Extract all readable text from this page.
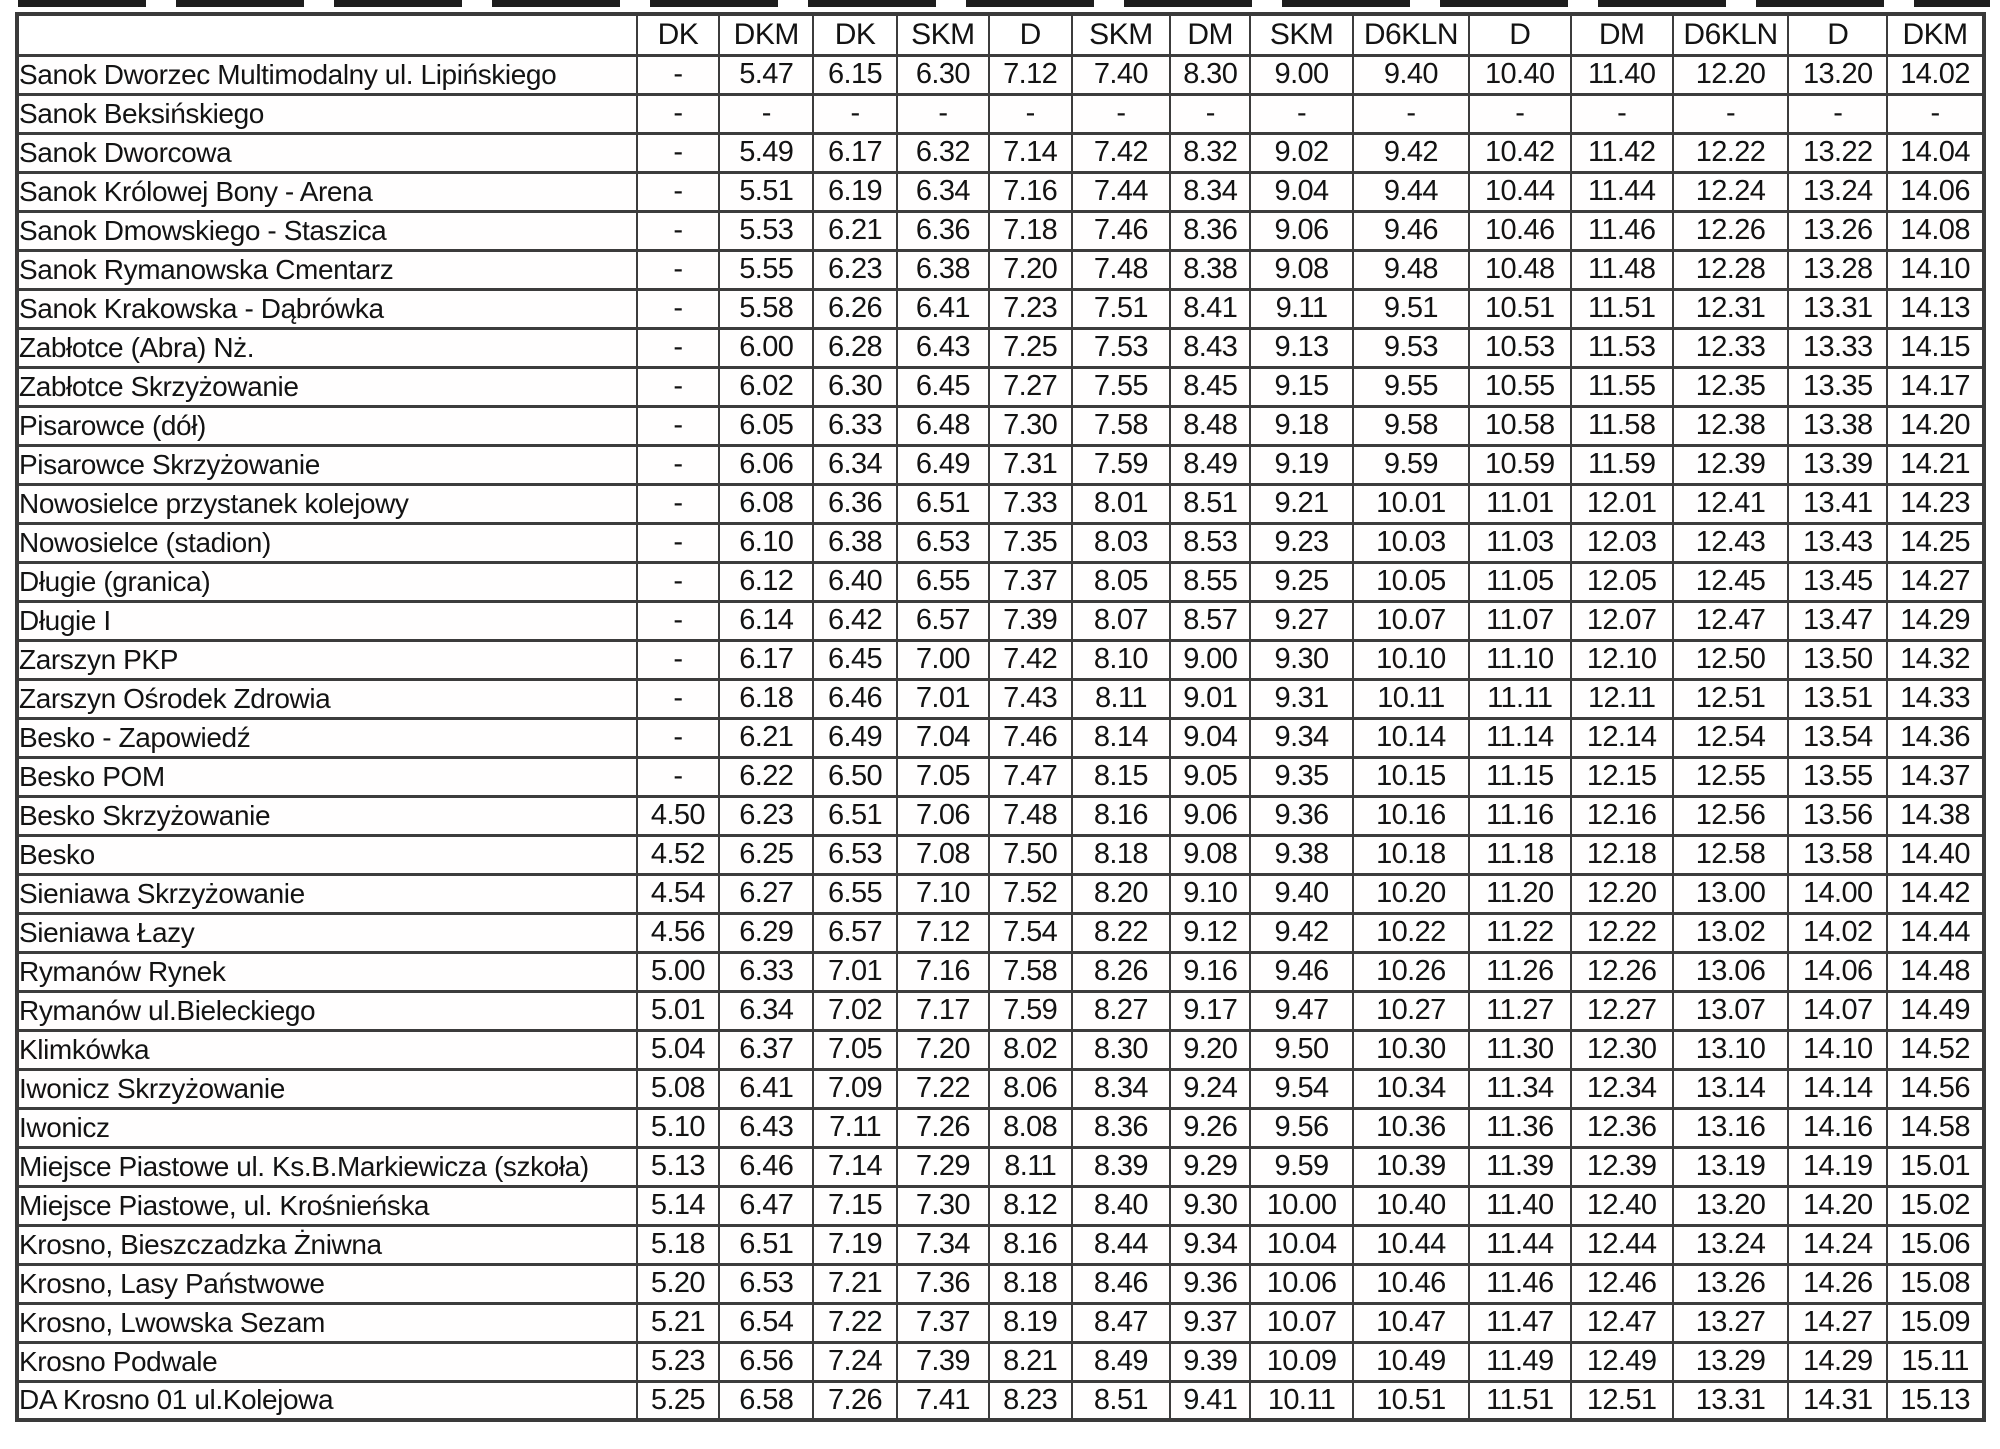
	DK	DKM	DK	SKM	D	SKM	DM	SKM	D6KLN	D	DM	D6KLN	D	DKM
Sanok Dworzec Multimodalny ul. Lipińskiego	-	5.47	6.15	6.30	7.12	7.40	8.30	9.00	9.40	10.40	11.40	12.20	13.20	14.02
Sanok Beksińskiego	-	-	-	-	-	-	-	-	-	-	-	-	-	-
Sanok Dworcowa	-	5.49	6.17	6.32	7.14	7.42	8.32	9.02	9.42	10.42	11.42	12.22	13.22	14.04
Sanok Królowej Bony - Arena	-	5.51	6.19	6.34	7.16	7.44	8.34	9.04	9.44	10.44	11.44	12.24	13.24	14.06
Sanok Dmowskiego - Staszica	-	5.53	6.21	6.36	7.18	7.46	8.36	9.06	9.46	10.46	11.46	12.26	13.26	14.08
Sanok Rymanowska Cmentarz	-	5.55	6.23	6.38	7.20	7.48	8.38	9.08	9.48	10.48	11.48	12.28	13.28	14.10
Sanok Krakowska - Dąbrówka	-	5.58	6.26	6.41	7.23	7.51	8.41	9.11	9.51	10.51	11.51	12.31	13.31	14.13
Zabłotce (Abra) Nż.	-	6.00	6.28	6.43	7.25	7.53	8.43	9.13	9.53	10.53	11.53	12.33	13.33	14.15
Zabłotce Skrzyżowanie	-	6.02	6.30	6.45	7.27	7.55	8.45	9.15	9.55	10.55	11.55	12.35	13.35	14.17
Pisarowce (dół)	-	6.05	6.33	6.48	7.30	7.58	8.48	9.18	9.58	10.58	11.58	12.38	13.38	14.20
Pisarowce Skrzyżowanie	-	6.06	6.34	6.49	7.31	7.59	8.49	9.19	9.59	10.59	11.59	12.39	13.39	14.21
Nowosielce przystanek kolejowy	-	6.08	6.36	6.51	7.33	8.01	8.51	9.21	10.01	11.01	12.01	12.41	13.41	14.23
Nowosielce (stadion)	-	6.10	6.38	6.53	7.35	8.03	8.53	9.23	10.03	11.03	12.03	12.43	13.43	14.25
Długie (granica)	-	6.12	6.40	6.55	7.37	8.05	8.55	9.25	10.05	11.05	12.05	12.45	13.45	14.27
Długie I	-	6.14	6.42	6.57	7.39	8.07	8.57	9.27	10.07	11.07	12.07	12.47	13.47	14.29
Zarszyn PKP	-	6.17	6.45	7.00	7.42	8.10	9.00	9.30	10.10	11.10	12.10	12.50	13.50	14.32
Zarszyn Ośrodek Zdrowia	-	6.18	6.46	7.01	7.43	8.11	9.01	9.31	10.11	11.11	12.11	12.51	13.51	14.33
Besko - Zapowiedź	-	6.21	6.49	7.04	7.46	8.14	9.04	9.34	10.14	11.14	12.14	12.54	13.54	14.36
Besko POM	-	6.22	6.50	7.05	7.47	8.15	9.05	9.35	10.15	11.15	12.15	12.55	13.55	14.37
Besko Skrzyżowanie	4.50	6.23	6.51	7.06	7.48	8.16	9.06	9.36	10.16	11.16	12.16	12.56	13.56	14.38
Besko	4.52	6.25	6.53	7.08	7.50	8.18	9.08	9.38	10.18	11.18	12.18	12.58	13.58	14.40
Sieniawa Skrzyżowanie	4.54	6.27	6.55	7.10	7.52	8.20	9.10	9.40	10.20	11.20	12.20	13.00	14.00	14.42
Sieniawa Łazy	4.56	6.29	6.57	7.12	7.54	8.22	9.12	9.42	10.22	11.22	12.22	13.02	14.02	14.44
Rymanów Rynek	5.00	6.33	7.01	7.16	7.58	8.26	9.16	9.46	10.26	11.26	12.26	13.06	14.06	14.48
Rymanów ul.Bieleckiego	5.01	6.34	7.02	7.17	7.59	8.27	9.17	9.47	10.27	11.27	12.27	13.07	14.07	14.49
Klimkówka	5.04	6.37	7.05	7.20	8.02	8.30	9.20	9.50	10.30	11.30	12.30	13.10	14.10	14.52
Iwonicz Skrzyżowanie	5.08	6.41	7.09	7.22	8.06	8.34	9.24	9.54	10.34	11.34	12.34	13.14	14.14	14.56
Iwonicz	5.10	6.43	7.11	7.26	8.08	8.36	9.26	9.56	10.36	11.36	12.36	13.16	14.16	14.58
Miejsce Piastowe ul. Ks.B.Markiewicza (szkoła)	5.13	6.46	7.14	7.29	8.11	8.39	9.29	9.59	10.39	11.39	12.39	13.19	14.19	15.01
Miejsce Piastowe, ul. Krośnieńska	5.14	6.47	7.15	7.30	8.12	8.40	9.30	10.00	10.40	11.40	12.40	13.20	14.20	15.02
Krosno, Bieszczadzka Żniwna	5.18	6.51	7.19	7.34	8.16	8.44	9.34	10.04	10.44	11.44	12.44	13.24	14.24	15.06
Krosno, Lasy Państwowe	5.20	6.53	7.21	7.36	8.18	8.46	9.36	10.06	10.46	11.46	12.46	13.26	14.26	15.08
Krosno, Lwowska Sezam	5.21	6.54	7.22	7.37	8.19	8.47	9.37	10.07	10.47	11.47	12.47	13.27	14.27	15.09
Krosno Podwale	5.23	6.56	7.24	7.39	8.21	8.49	9.39	10.09	10.49	11.49	12.49	13.29	14.29	15.11
DA Krosno 01 ul.Kolejowa	5.25	6.58	7.26	7.41	8.23	8.51	9.41	10.11	10.51	11.51	12.51	13.31	14.31	15.13
